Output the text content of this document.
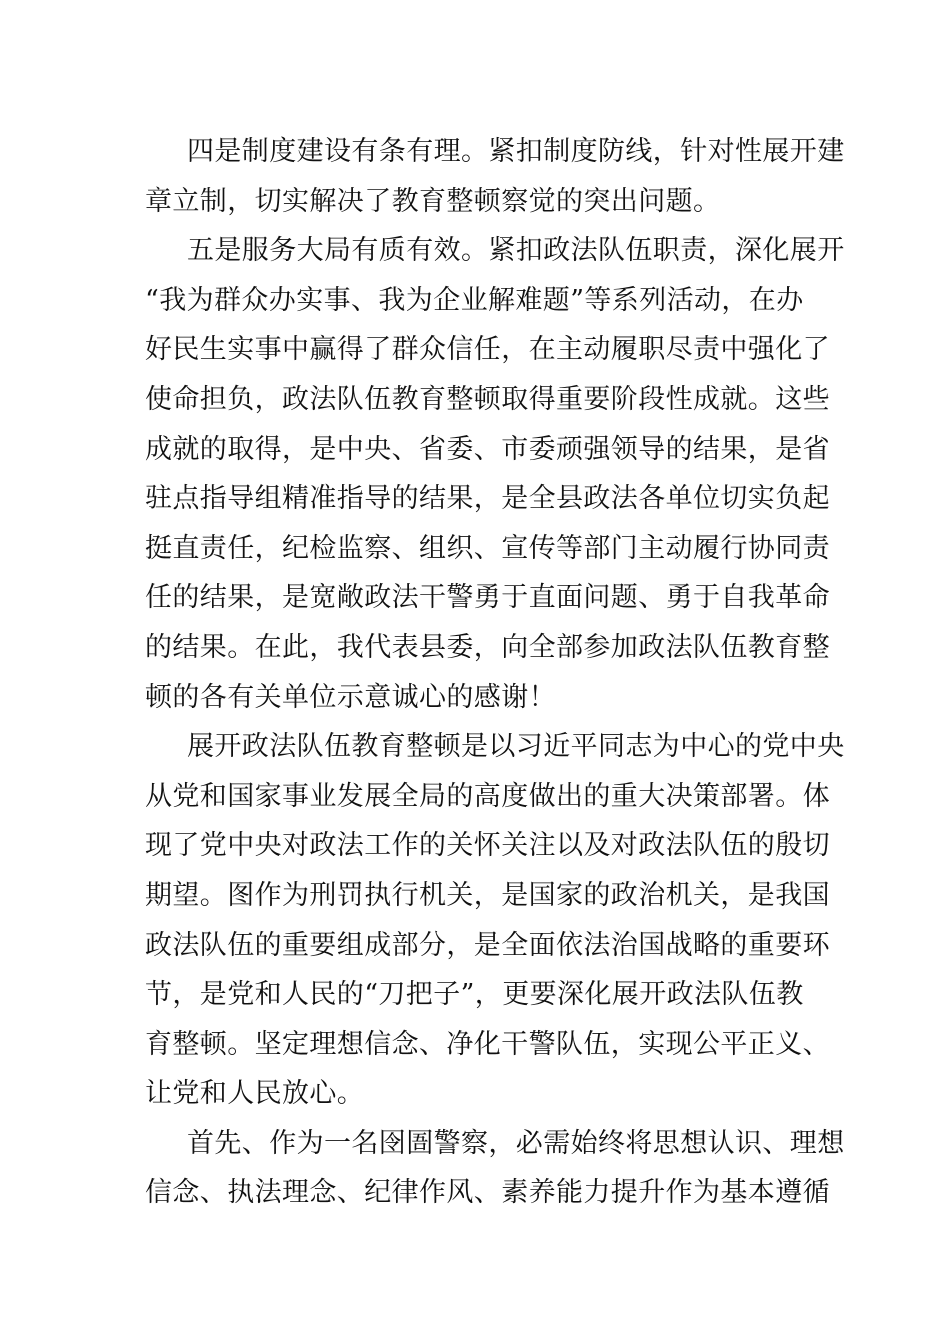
四是制度建设有条有理。紧扣制度防线，针对性展开建
章立制，切实解决了教育整顿察觉的突出问题。
五是服务大局有质有效。紧扣政法队伍职责，深化展开
“我为群众办实事、我为企业解难题”等系列活动，在办
好民生实事中赢得了群众信任，在主动履职尽责中强化了
使命担负，政法队伍教育整顿取得重要阶段性成就。这些
成就的取得，是中央、省委、市委顽强领导的结果，是省
驻点指导组精准指导的结果，是全县政法各单位切实负起
挺直责任，纪检监察、组织、宣传等部门主动履行协同责
任的结果，是宽敞政法干警勇于直面问题、勇于自我革命
的结果。在此，我代表县委，向全部参加政法队伍教育整
顿的各有关单位示意诚心的感谢！
展开政法队伍教育整顿是以习近平同志为中心的党中央
从党和国家事业发展全局的高度做出的重大决策部署。体
现了党中央对政法工作的关怀关注以及对政法队伍的殷切
期望。图作为刑罚执行机关，是国家的政治机关，是我国
政法队伍的重要组成部分，是全面依法治国战略的重要环
节，是党和人民的“刀把子”，更要深化展开政法队伍教
育整顿。坚定理想信念、净化干警队伍，实现公平正义、
让党和人民放心。
首先、作为一名囹圄警察，必需始终将思想认识、理想
信念、执法理念、纪律作风、素养能力提升作为基本遵循
